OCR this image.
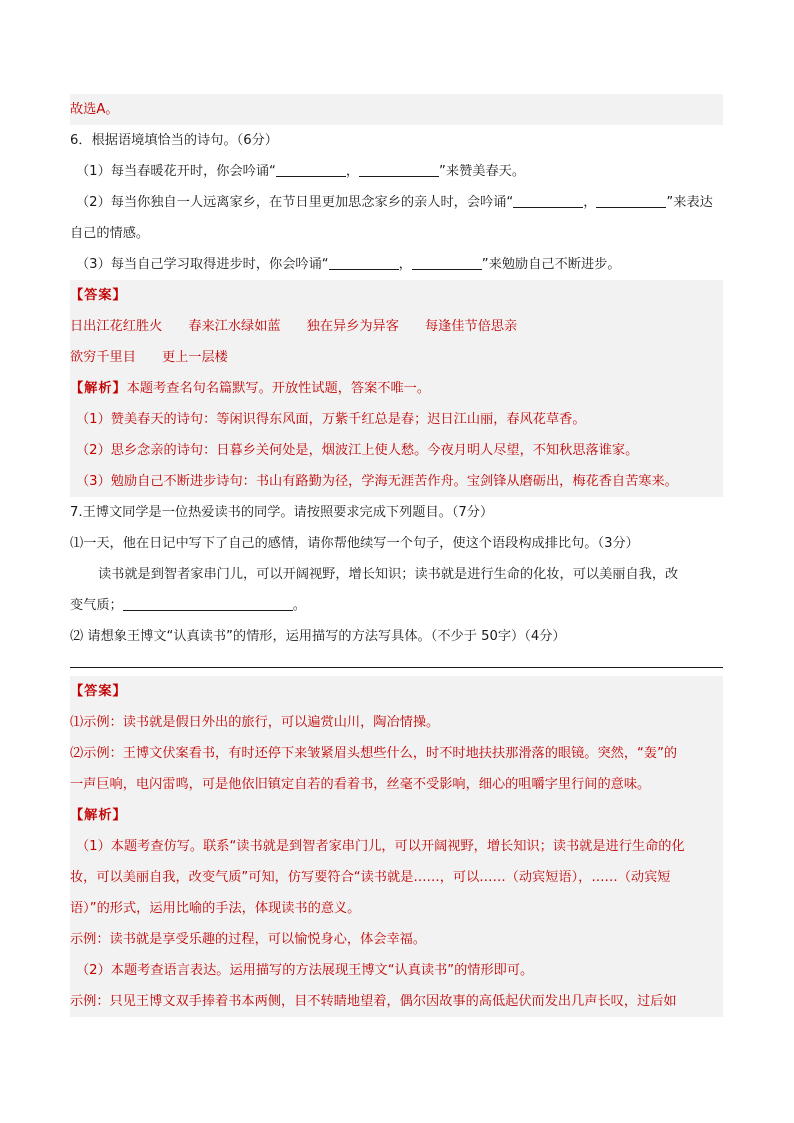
故选A。
6．根据语境填恰当的诗句。（6分）
（1）每当春暖花开时，你会吟诵“	，	”来赞美春天。
（2）每当你独自一人远离家乡，在节日里更加思念家乡的亲人时，会吟诵“	，	”来表达
自己的情感。
（3）每当自己学习取得进步时，你会吟诵“	，	”来勉励自己不断进步。
【答案】
日出江花红胜火 春来江水绿如蓝 独在异乡为异客 每逢佳节倍思亲
欲穷千里目 更上一层楼
【解析】本题考查名句名篇默写。开放性试题，答案不唯一。
（1）赞美春天的诗句：等闲识得东风面，万紫千红总是春；迟日江山丽，春风花草香。
（2）思乡念亲的诗句：日暮乡关何处是，烟波江上使人愁。今夜月明人尽望，不知秋思落谁家。
（3）勉励自己不断进步诗句：书山有路勤为径，学海无涯苦作舟。宝剑锋从磨砺出，梅花香自苦寒来。
7.王博文同学是一位热爱读书的同学。请按照要求完成下列题目。（7分）
⑴一天，他在日记中写下了自己的感情，请你帮他续写一个句子，使这个语段构成排比句。（3分）
读书就是到智者家串门儿，可以开阔视野，增长知识；读书就是进行生命的化妆，可以美丽自我，改
变气质；	。
⑵ 请想象王博文“认真读书”的情形，运用描写的方法写具体。（不少于 50字）（4分）
【答案】
⑴示例：读书就是假日外出的旅行，可以遍赏山川，陶冶情操。
⑵示例：王博文伏案看书，有时还停下来皱紧眉头想些什么，时不时地扶扶那滑落的眼镜。突然，“轰”的
一声巨响，电闪雷鸣，可是他依旧镇定自若的看着书，丝毫不受影响，细心的咀嚼字里行间的意味。
【解析】
（1）本题考查仿写。联系“读书就是到智者家串门儿，可以开阔视野，增长知识；读书就是进行生命的化
妆，可以美丽自我，改变气质”可知，仿写要符合“读书就是……，可以……（动宾短语），……（动宾短
语）”的形式，运用比喻的手法，体现读书的意义。
示例：读书就是享受乐趣的过程，可以愉悦身心，体会幸福。
（2）本题考查语言表达。运用描写的方法展现王博文“认真读书”的情形即可。
示例：只见王博文双手捧着书本两侧，目不转睛地望着，偶尔因故事的高低起伏而发出几声长叹，过后如
